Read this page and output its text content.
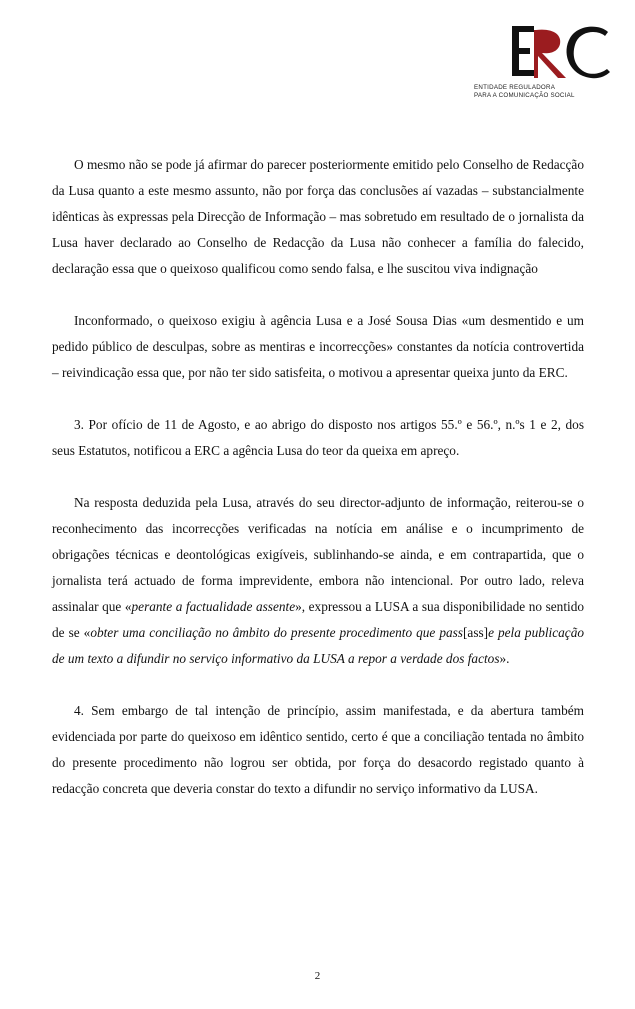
ENTIDADE REGULADORA
PARA A COMUNICAÇÃO SOCIAL

O mesmo não se pode já afirmar do parecer posteriormente emitido pelo Conselho de Redacção da Lusa quanto a este mesmo assunto, não por força das conclusões aí vazadas – substancialmente idênticas às expressas pela Direcção de Informação – mas sobretudo em resultado de o jornalista da Lusa haver declarado ao Conselho de Redacção da Lusa não conhecer a família do falecido, declaração essa que o queixoso qualificou como sendo falsa, e lhe suscitou viva indignação

Inconformado, o queixoso exigiu à agência Lusa e a José Sousa Dias «um desmentido e um pedido público de desculpas, sobre as mentiras e incorrecções» constantes da notícia controvertida – reivindicação essa que, por não ter sido satisfeita, o motivou a apresentar queixa junto da ERC.

3. Por ofício de 11 de Agosto, e ao abrigo do disposto nos artigos 55.º e 56.º, n.ºs 1 e 2, dos seus Estatutos, notificou a ERC a agência Lusa do teor da queixa em apreço.

Na resposta deduzida pela Lusa, através do seu director-adjunto de informação, reiterou-se o reconhecimento das incorrecções verificadas na notícia em análise e o incumprimento de obrigações técnicas e deontológicas exigíveis, sublinhando-se ainda, e em contrapartida, que o jornalista terá actuado de forma imprevidente, embora não intencional. Por outro lado, releva assinalar que «perante a factualidade assente», expressou a LUSA a sua disponibilidade no sentido de se «obter uma conciliação no âmbito do presente procedimento que pass[ass]e pela publicação de um texto a difundir no serviço informativo da LUSA a repor a verdade dos factos».

4. Sem embargo de tal intenção de princípio, assim manifestada, e da abertura também evidenciada por parte do queixoso em idêntico sentido, certo é que a conciliação tentada no âmbito do presente procedimento não logrou ser obtida, por força do desacordo registado quanto à redacção concreta que deveria constar do texto a difundir no serviço informativo da LUSA.

2
